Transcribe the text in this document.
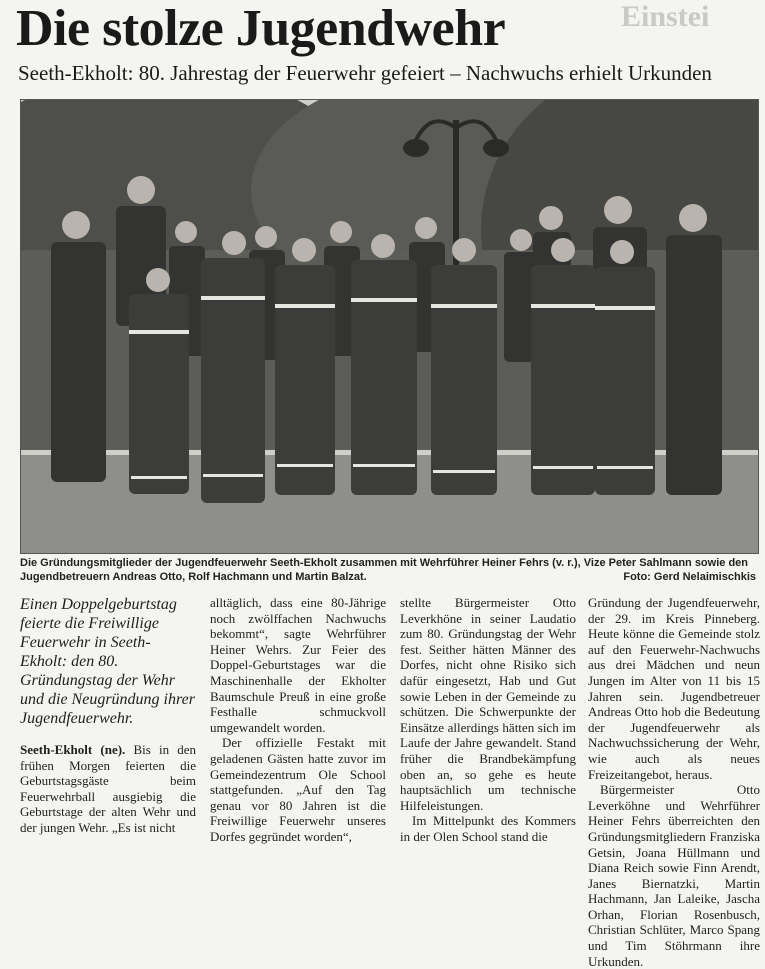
Einstei
Die stolze Jugendwehr
Seeth-Ekholt: 80. Jahrestag der Feuerwehr gefeiert – Nachwuchs erhielt Urkunden
Die Gründungsmitglieder der Jugendfeuerwehr Seeth-Ekholt zusammen mit Wehrführer Heiner Fehrs (v. r.), Vize Peter Sahlmann sowie den Jugendbetreuern Andreas Otto, Rolf Hachmann und Martin Balzat.	Foto: Gerd Nelaimischkis

Einen Doppelgeburtstag feierte die Freiwillige Feuerwehr in Seeth-Ekholt: den 80. Gründungstag der Wehr und die Neugründung ihrer Jugendfeuerwehr.

Seeth-Ekholt (ne). Bis in den frühen Morgen feierten die Geburtstagsgäste beim Feuerwehrball ausgiebig die Geburtstage der alten Wehr und der jungen Wehr. „Es ist nicht

alltäglich, dass eine 80-Jährige noch zwölffachen Nachwuchs bekommt“, sagte Wehrführer Heiner Wehrs. Zur Feier des Doppel-Geburtstages war die Maschinenhalle der Ekholter Baumschule Preuß in eine große Festhalle schmuckvoll umgewandelt worden.

Der offizielle Festakt mit geladenen Gästen hatte zuvor im Gemeindezentrum Ole School stattgefunden. „Auf den Tag genau vor 80 Jahren ist die Freiwillige Feuerwehr unseres Dorfes gegründet worden“,

stellte Bürgermeister Otto Leverkhöne in seiner Laudatio zum 80. Gründungstag der Wehr fest. Seither hätten Männer des Dorfes, nicht ohne Risiko sich dafür eingesetzt, Hab und Gut sowie Leben in der Gemeinde zu schützen. Die Schwerpunkte der Einsätze allerdings hätten sich im Laufe der Jahre gewandelt. Stand früher die Brandbekämpfung oben an, so gehe es heute hauptsächlich um technische Hilfeleistungen.

Im Mittelpunkt des Kommers in der Olen School stand die

Gründung der Jugendfeuerwehr, der 29. im Kreis Pinneberg. Heute könne die Gemeinde stolz auf den Feuerwehr-Nachwuchs aus drei Mädchen und neun Jungen im Alter von 11 bis 15 Jahren sein. Jugendbetreuer Andreas Otto hob die Bedeutung der Jugendfeuerwehr als Nachwuchssicherung der Wehr, wie auch als neues Freizeitangebot, heraus.

Bürgermeister Otto Leverköhne und Wehrführer Heiner Fehrs überreichten den Gründungsmitgliedern Franziska Getsin, Joana Hüllmann und Diana Reich sowie Finn Arendt, Janes Biernatzki, Martin Hachmann, Jan Laleike, Jascha Orhan, Florian Rosenbusch, Christian Schlüter, Marco Spang und Tim Stöhrmann ihre Urkunden.
